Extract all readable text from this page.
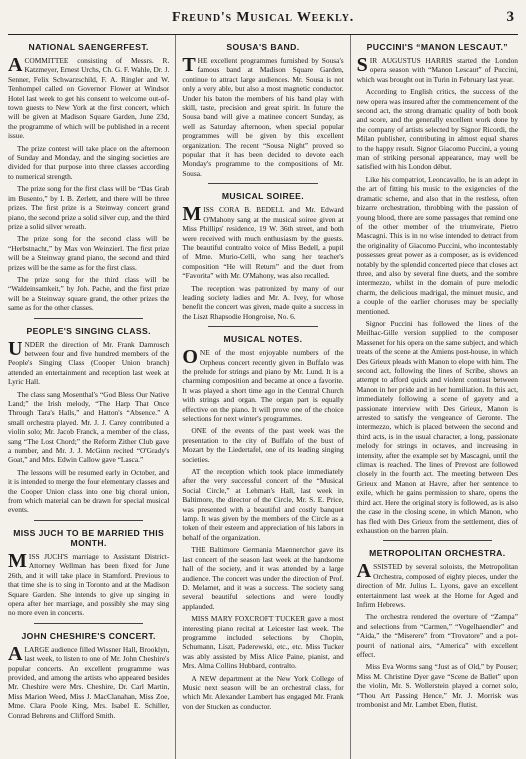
Freund's Musical Weekly.	3
NATIONAL SAENGERFEST.

ACOMMITTEE consisting of Messrs. R. Katzmeyer, Ernest Urchs, Ch. G. F. Wahle, Dr. J. Senner, Felix Schwarzschild, F. A. Ringler and W. Tenhompel called on Governor Flower at Windsor Hotel last week to get his consent to welcome out-of-town guests to New York at the first concert, which will be given at Madison Square Garden, June 23d, the programme of which will be published in a recent issue.

The prize contest will take place on the afternoon of Sunday and Monday, and the singing societies are divided for that purpose into three classes according to numerical strength.

The prize song for the first class will be “Das Grab im Busento,” by I. B. Zerlett, and there will be three prizes. The first prize is a Steinway concert grand piano, the second prize a solid silver cup, and the third prize a solid silver wreath.

The prize song for the second class will be “Herbstnacht,” by Max von Weinzierl. The first prize will be a Steinway grand piano, the second and third prizes will be the same as for the first class.

The prize song for the third class will be “Waldeinsamkeit,” by Joh. Pache, and the first prize will be a Steinway square grand, the other prizes the same as for the other classes.

PEOPLE'S SINGING CLASS.

UNDER the direction of Mr. Frank Damrosch between four and five hundred members of the People's Singing Class (Cooper Union branch) attended an entertainment and reception last week at Lyric Hall.

The class sang Mosenthal's “God Bless Our Native Land;” the Irish melody, “The Harp That Once Through Tara's Halls,” and Hatton's “Absence.” A small orchestra played. Mr. J. J. Carey contributed a violin solo; Mr. Jacob Franck, a member of the class, sang “The Lost Chord;” the Reform Zither Club gave a number, and Mr. J. J. McGinn recited “O'Grady's Goat,” and Mrs. Edwin Callow gave “Lasca.”

The lessons will be resumed early in October, and it is intended to merge the four elementary classes and the Cooper Union class into one big choral union, from which material can be drawn for special musical events.

MISS JUCH TO BE MARRIED THIS MONTH.

MISS JUCH'S marriage to Assistant District-Attorney Wellman has been fixed for June 26th, and it will take place in Stamford. Previous to that time she is to sing in Toronto and at the Madison Square Garden. She intends to give up singing in opera after her marriage, and possibly she may sing no more even in concerts.

JOHN CHESHIRE'S CONCERT.

ALARGE audience filled Wissner Hall, Brooklyn, last week, to listen to one of Mr. John Cheshire's popular concerts. An excellent programme was provided, and among the artists who appeared besides Mr. Cheshire were Mrs. Cheshire, Dr. Carl Martin, Miss Marion Weed, Miss J. MacClanahan, Miss Zoe, Mme. Clara Poole King, Mrs. Isabel E. Schiller, Conrad Behrens and Clifford Smith.

SOUSA'S BAND.

THE excellent programmes furnished by Sousa's famous band at Madison Square Garden, continue to attract large audiences. Mr. Sousa is not only a very able, but also a most magnetic conductor. Under his baton the members of his band play with skill, taste, precision and great spirit. In future the Sousa band will give a matinee concert Sunday, as well as Saturday afternoon, when special popular programmes will be given by this excellent organization. The recent “Sousa Night” proved so popular that it has been decided to devote each Monday's programme to the compositions of Mr. Sousa.

MUSICAL SOIREE.

MISS CORA B. BEDELL and Mr. Edward O'Mahony sang at the musical soiree given at Miss Phillips' residence, 19 W. 36th street, and both were received with much enthusiasm by the guests. The beautiful contralto voice of Miss Bedell, a pupil of Mme. Murio-Celli, who sang her teacher's composition “He will Return” and the duet from “Favorita” with Mr. O'Mahony, was also recalled.

The reception was patronized by many of our leading society ladies and Mr. A. Ivey, for whose benefit the concert was given, made quite a success in the Liszt Rhapsodie Hongroise, No. 6.

MUSICAL NOTES.

ONE of the most enjoyable numbers of the Orpheus concert recently given in Buffalo was the prelude for strings and piano by Mr. Lund. It is a charming composition and became at once a favorite. It was played a short time ago in the Central Church with strings and organ. The organ part is equally effective on the piano. It will prove one of the choice selections for next winter's programmes.

ONE of the events of the past week was the presentation to the city of Buffalo of the bust of Mozart by the Liedertafel, one of its leading singing societies.

AT the reception which took place immediately after the very successful concert of the “Musical Social Circle,” at Lehman's Hall, last week in Baltimore, the director of the Circle, Mr. S. E. Price, was presented with a beautiful and costly banquet lamp. It was given by the members of the Circle as a token of their esteem and appreciation of his labors in behalf of the organization.

THE Baltimore Germania Maennerchor gave its last concert of the season last week at the handsome hall of the society, and it was attended by a large audience. The concert was under the direction of Prof. D. Melamet, and it was a success. The society sang several beautiful selections and were loudly applauded.

MISS MARY FOXCROFT TUCKER gave a most interesting piano recital at Leicester last week. The programme included selections by Chopin, Schumann, Liszt, Paderewski, etc., etc. Miss Tucker was ably assisted by Miss Alice Paine, pianist, and Mrs. Alma Collins Hubbard, contralto.

A NEW department at the New York College of Music next season will be an orchestral class, for which Mr. Alexander Lambert has engaged Mr. Frank von der Stucken as conductor.

PUCCINI'S “MANON LESCAUT.”

SIR AUGUSTUS HARRIS started the London opera season with “Manon Lescaut” of Puccini, which was brought out in Turin in February last year.

According to English critics, the success of the new opera was insured after the commencement of the second act, the strong dramatic quality of both book and score, and the generally excellent work done by the company of artists selected by Signor Ricordi, the Milan publisher, contributing in almost equal shares to the happy result. Signor Giacomo Puccini, a young man of striking personal appearance, may well be satisfied with his London début.

Like his compatriot, Leoncavallo, he is an adept in the art of fitting his music to the exigencies of the dramatic scheme, and also that in the restless, often bizarre orchestration, throbbing with the passion of young blood, there are some passages that remind one of the other member of the triumvirate, Pietro Mascagni. This is in no wise intended to detract from the originality of Giacomo Puccini, who incontestably possesses great power as a composer, as is evidenced notably by the splendid concerted piece that closes act three, and also by several fine duets, and the sombre intermezzo, whilst in the domain of pure melodic charm, the delicious madrigal, the minuet music, and a couple of the earlier choruses may be specially mentioned.

Signor Puccini has followed the lines of the Meilhac-Gille version supplied to the composer Massenet for his opera on the same subject, and which treats of the scene at the Amiens post-house, in which Des Grieux pleads with Manon to elope with him. The second act, following the lines of Scribe, shows an attempt to afford quick and violent contrast between Manon in her pride and in her humiliation. In this act, immediately following a scene of gayety and a passionate interview with Des Grieux, Manon is arrested to satisfy the vengeance of Geronte. The intermezzo, which is placed between the second and third acts, is in the usual character, a long, passionate melody for strings in octaves, and increasing in intensity, after the example set by Mascagni, until the climax is reached. The lines of Prevost are followed closely in the fourth act. The meeting between Des Grieux and Manon at Havre, after her sentence to exile, which he gains permission to share, opens the third act. Here the original story is followed, as is also the case in the closing scene, in which Manon, who has fled with Des Grieux from the settlement, dies of exhaustion on the barren plain.

METROPOLITAN ORCHESTRA.

ASSISTED by several soloists, the Metropolitan Orchestra, composed of eighty pieces, under the direction of Mr. Julius L. Lyons, gave an excellent entertainment last week at the Home for Aged and Infirm Hebrews.

The orchestra rendered the overture of “Zampa” and selections from “Carmen,” “Vogelhaendler” and “Aida,” the “Miserere” from “Trovatore” and a pot-pourri of national airs, “America” with excellent effect.

Miss Eva Worms sang “Just as of Old,” by Pouser; Miss M. Christine Dyer gave “Scene de Ballet” upon the violin, Mr. S. Wollerstein played a cornet solo, “Thou Art Passing Hence,” Mr. J. Morrisk was trombonist and Mr. Lambet Eben, flutist.
